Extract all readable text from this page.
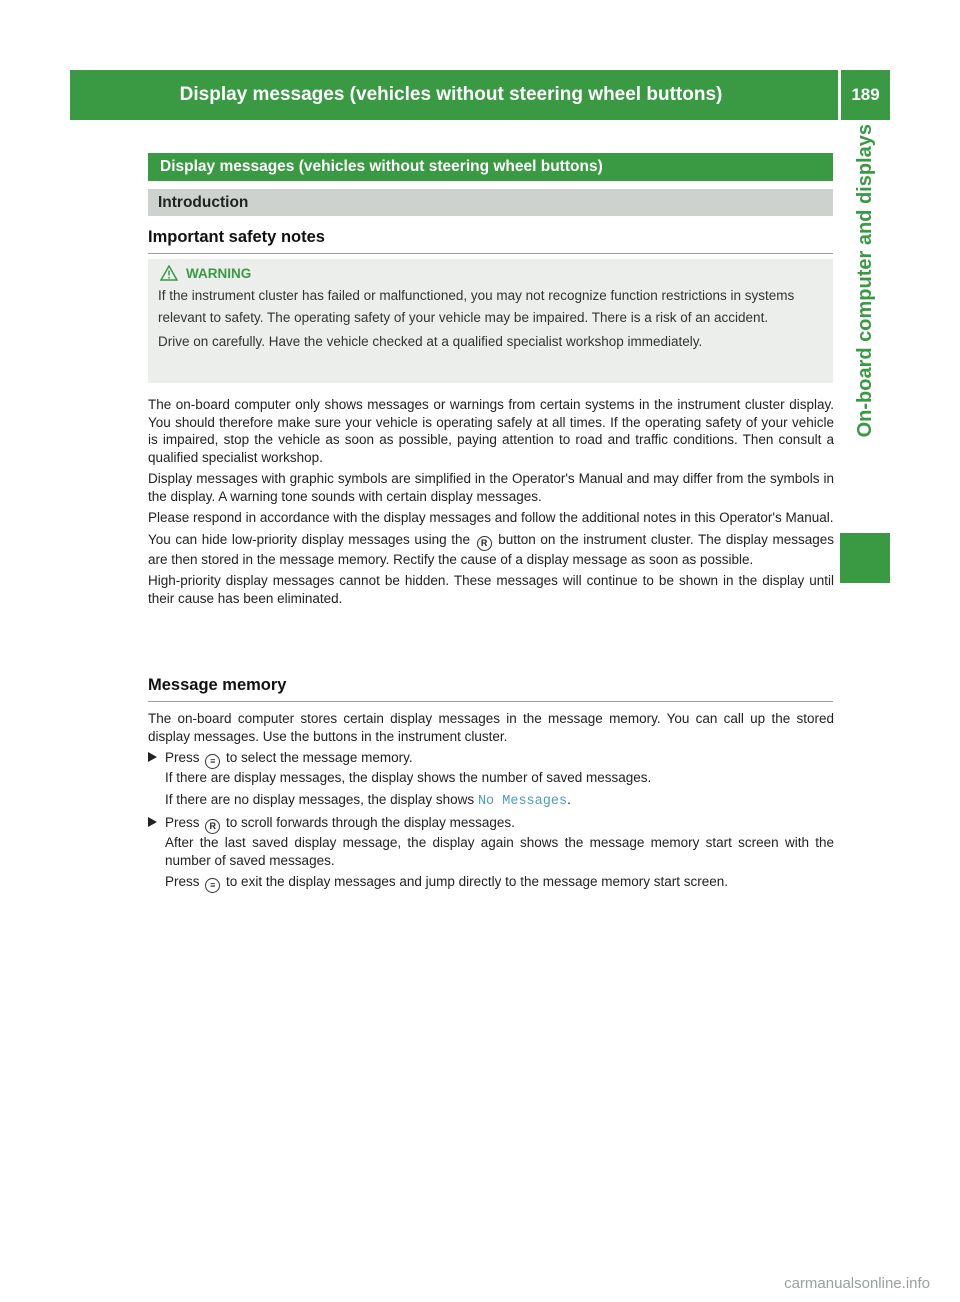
Display messages (vehicles without steering wheel buttons)	189
On-board computer and displays
Display messages (vehicles without steering wheel buttons)
Introduction
Important safety notes
WARNING

If the instrument cluster has failed or malfunctioned, you may not recognize function restrictions in systems relevant to safety. The operating safety of your vehicle may be impaired. There is a risk of an accident.

Drive on carefully. Have the vehicle checked at a qualified specialist workshop immediately.

The on-board computer only shows messages or warnings from certain systems in the instrument cluster display. You should therefore make sure your vehicle is operating safely at all times. If the operating safety of your vehicle is impaired, stop the vehicle as soon as possible, paying attention to road and traffic conditions. Then consult a qualified specialist workshop.

Display messages with graphic symbols are simplified in the Operator's Manual and may differ from the symbols in the display. A warning tone sounds with certain display messages.

Please respond in accordance with the display messages and follow the additional notes in this Operator's Manual.

You can hide low-priority display messages using the R button on the instrument cluster. The display messages are then stored in the message memory. Rectify the cause of a display message as soon as possible.

High-priority display messages cannot be hidden. These messages will continue to be shown in the display until their cause has been eliminated.

Message memory

The on-board computer stores certain display messages in the message memory. You can call up the stored display messages. Use the buttons in the instrument cluster.

Press ≡ to select the message memory.

If there are display messages, the display shows the number of saved messages.

If there are no display messages, the display shows No Messages.

Press R to scroll forwards through the display messages.

After the last saved display message, the display again shows the message memory start screen with the number of saved messages.

Press ≡ to exit the display messages and jump directly to the message memory start screen.

carmanualsonline.info
